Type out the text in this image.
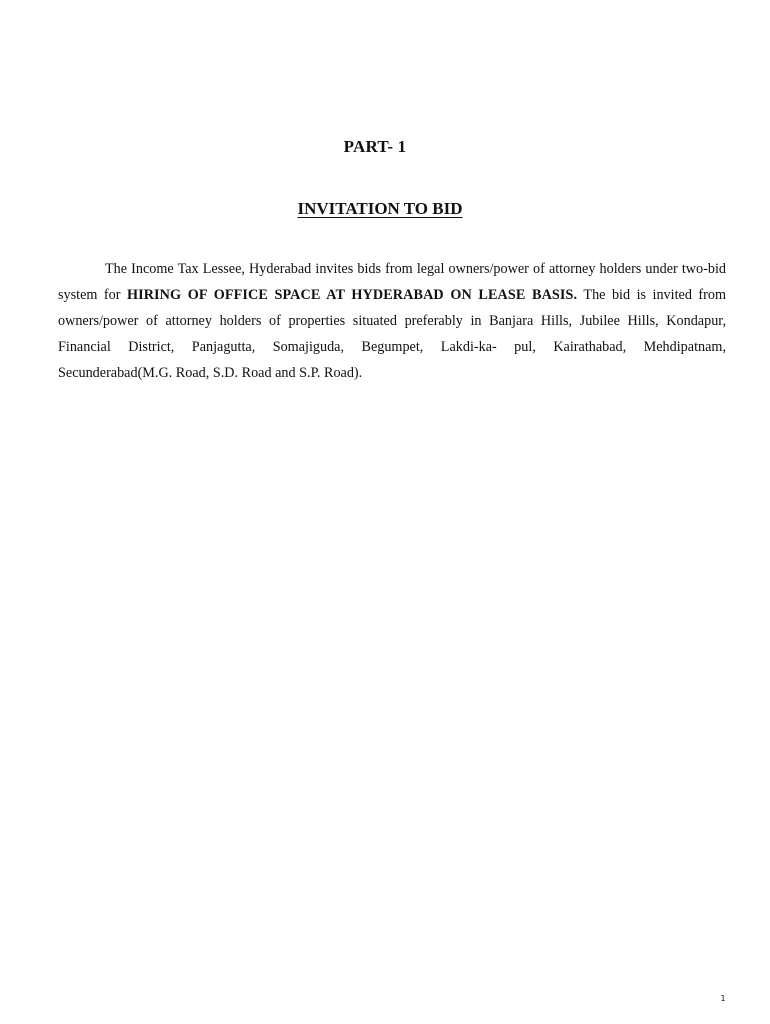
PART- 1
INVITATION TO BID

The Income Tax Lessee, Hyderabad invites bids from legal owners/power of attorney holders under two-bid system for HIRING OF OFFICE SPACE AT HYDERABAD ON LEASE BASIS. The bid is invited from owners/power of attorney holders of properties situated preferably in Banjara Hills, Jubilee Hills, Kondapur, Financial District, Panjagutta, Somajiguda, Begumpet, Lakdi-ka- pul, Kairathabad, Mehdipatnam, Secunderabad(M.G. Road, S.D. Road and S.P. Road).

1
